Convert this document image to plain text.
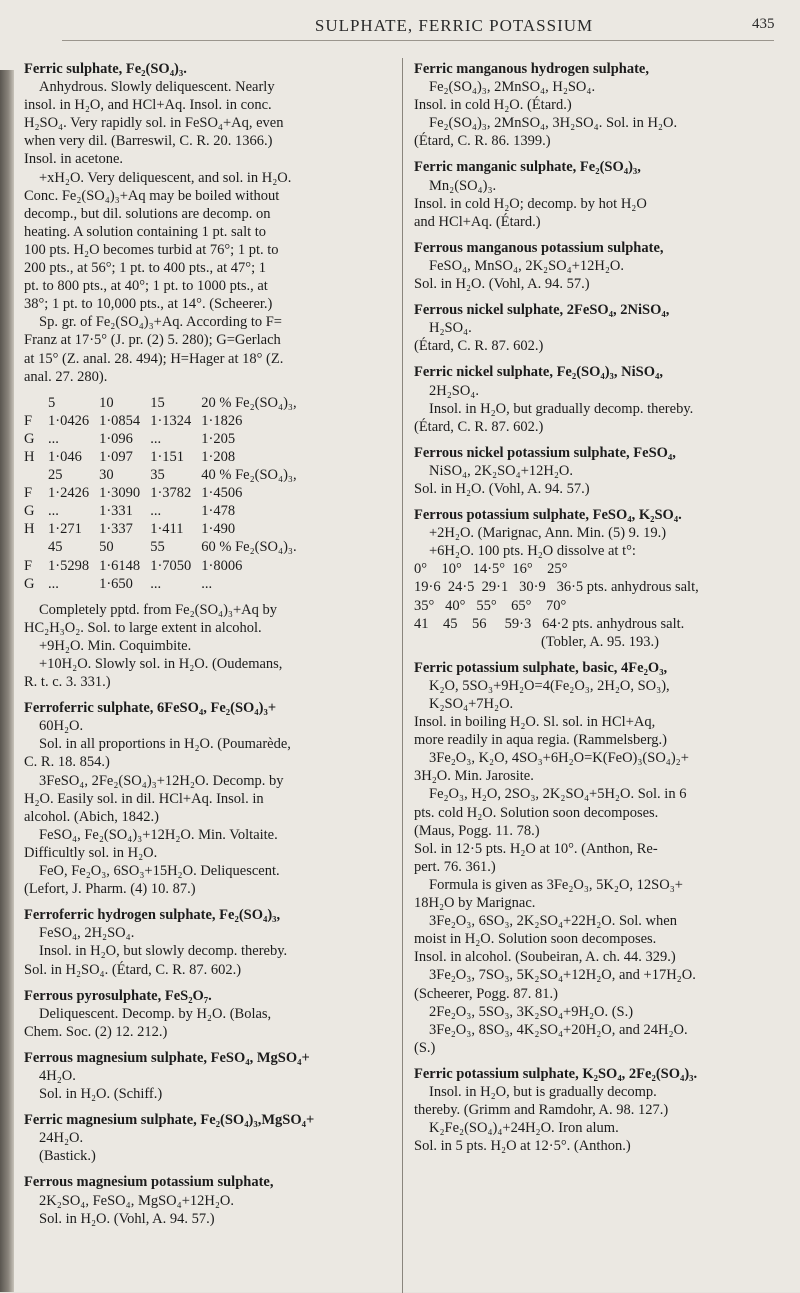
SULPHATE, FERRIC POTASSIUM	435
Ferric sulphate, Fe₂(SO₄)₃.
Anhydrous. Slowly deliquescent. Nearly
insol. in H₂O, and HCl+Aq. Insol. in conc.
H₂SO₄. Very rapidly sol. in FeSO₄+Aq, even
when very dil. (Barreswil, C. R. 20. 1366.)
Insol. in acetone.
+xH₂O. Very deliquescent, and sol. in H₂O.
Conc. Fe₂(SO₄)₃+Aq may be boiled without
decomp., but dil. solutions are decomp. on
heating. A solution containing 1 pt. salt to
100 pts. H₂O becomes turbid at 76°; 1 pt. to
200 pts., at 56°; 1 pt. to 400 pts., at 47°; 1
pt. to 800 pts., at 40°; 1 pt. to 1000 pts., at
38°; 1 pt. to 10,000 pts., at 14°. (Scheerer.)
Sp. gr. of Fe₂(SO₄)₃+Aq. According to F=
Franz at 17·5° (J. pr. (2) 5. 280); G=Gerlach
at 15° (Z. anal. 28. 494); H=Hager at 18° (Z.
anal. 27. 280).
	5	10	15	20 % Fe₂(SO₄)₃,
F	1·0426	1·0854	1·1324	1·1826
G	...	1·096	...	1·205
H	1·046	1·097	1·151	1·208
	25	30	35	40 % Fe₂(SO₄)₃,
F	1·2426	1·3090	1·3782	1·4506
G	...	1·331	...	1·478
H	1·271	1·337	1·411	1·490
	45	50	55	60 % Fe₂(SO₄)₃.
F	1·5298	1·6148	1·7050	1·8006
G	...	1·650	...	...
Completely pptd. from Fe₂(SO₄)₃+Aq by
HC₂H₃O₂. Sol. to large extent in alcohol.
+9H₂O. Min. Coquimbite.
+10H₂O. Slowly sol. in H₂O. (Oudemans,
R. t. c. 3. 331.)
Ferroferric sulphate, 6FeSO₄, Fe₂(SO₄)₃+
60H₂O.
Sol. in all proportions in H₂O. (Poumarède,
C. R. 18. 854.)
3FeSO₄, 2Fe₂(SO₄)₃+12H₂O. Decomp. by
H₂O. Easily sol. in dil. HCl+Aq. Insol. in
alcohol. (Abich, 1842.)
FeSO₄, Fe₂(SO₄)₃+12H₂O. Min. Voltaite.
Difficultly sol. in H₂O.
FeO, Fe₂O₃, 6SO₃+15H₂O. Deliquescent.
(Lefort, J. Pharm. (4) 10. 87.)
Ferroferric hydrogen sulphate, Fe₂(SO₄)₃,
FeSO₄, 2H₂SO₄.
Insol. in H₂O, but slowly decomp. thereby.
Sol. in H₂SO₄. (Étard, C. R. 87. 602.)
Ferrous pyrosulphate, FeS₂O₇.
Deliquescent. Decomp. by H₂O. (Bolas,
Chem. Soc. (2) 12. 212.)
Ferrous magnesium sulphate, FeSO₄, MgSO₄+
4H₂O.
Sol. in H₂O. (Schiff.)
Ferric magnesium sulphate, Fe₂(SO₄)₃,MgSO₄+
24H₂O.
(Bastick.)
Ferrous magnesium potassium sulphate,
2K₂SO₄, FeSO₄, MgSO₄+12H₂O.
Sol. in H₂O. (Vohl, A. 94. 57.)
Ferric manganous hydrogen sulphate,
Fe₂(SO₄)₃, 2MnSO₄, H₂SO₄.
Insol. in cold H₂O. (Étard.)
Fe₂(SO₄)₃, 2MnSO₄, 3H₂SO₄. Sol. in H₂O.
(Étard, C. R. 86. 1399.)
Ferric manganic sulphate, Fe₂(SO₄)₃,
Mn₂(SO₄)₃.
Insol. in cold H₂O; decomp. by hot H₂O
and HCl+Aq. (Étard.)
Ferrous manganous potassium sulphate,
FeSO₄, MnSO₄, 2K₂SO₄+12H₂O.
Sol. in H₂O. (Vohl, A. 94. 57.)
Ferrous nickel sulphate, 2FeSO₄, 2NiSO₄,
H₂SO₄.
(Étard, C. R. 87. 602.)
Ferric nickel sulphate, Fe₂(SO₄)₃, NiSO₄,
2H₂SO₄.
Insol. in H₂O, but gradually decomp. thereby.
(Étard, C. R. 87. 602.)
Ferrous nickel potassium sulphate, FeSO₄,
NiSO₄, 2K₂SO₄+12H₂O.
Sol. in H₂O. (Vohl, A. 94. 57.)
Ferrous potassium sulphate, FeSO₄, K₂SO₄.
+2H₂O. (Marignac, Ann. Min. (5) 9. 19.)
+6H₂O. 100 pts. H₂O dissolve at t°:
0°    10°   14·5°  16°    25°
19·6  24·5  29·1   30·9   36·5 pts. anhydrous salt,
35°   40°   55°    65°    70°
41    45    56     59·3   64·2 pts. anhydrous salt.
(Tobler, A. 95. 193.)
Ferric potassium sulphate, basic, 4Fe₂O₃,
K₂O, 5SO₃+9H₂O=4(Fe₂O₃, 2H₂O, SO₃),
K₂SO₄+7H₂O.
Insol. in boiling H₂O. Sl. sol. in HCl+Aq,
more readily in aqua regia. (Rammelsberg.)
3Fe₂O₃, K₂O, 4SO₃+6H₂O=K(FeO)₃(SO₄)₂+
3H₂O. Min. Jarosite.
Fe₂O₃, H₂O, 2SO₃, 2K₂SO₄+5H₂O. Sol. in 6
pts. cold H₂O. Solution soon decomposes.
(Maus, Pogg. 11. 78.)
Sol. in 12·5 pts. H₂O at 10°. (Anthon, Re-
pert. 76. 361.)
Formula is given as 3Fe₂O₃, 5K₂O, 12SO₃+
18H₂O by Marignac.
3Fe₂O₃, 6SO₃, 2K₂SO₄+22H₂O. Sol. when
moist in H₂O. Solution soon decomposes.
Insol. in alcohol. (Soubeiran, A. ch. 44. 329.)
3Fe₂O₃, 7SO₃, 5K₂SO₄+12H₂O, and +17H₂O.
(Scheerer, Pogg. 87. 81.)
2Fe₂O₃, 5SO₃, 3K₂SO₄+9H₂O. (S.)
3Fe₂O₃, 8SO₃, 4K₂SO₄+20H₂O, and 24H₂O.
(S.)
Ferric potassium sulphate, K₂SO₄, 2Fe₂(SO₄)₃.
Insol. in H₂O, but is gradually decomp.
thereby. (Grimm and Ramdohr, A. 98. 127.)
K₂Fe₂(SO₄)₄+24H₂O. Iron alum.
Sol. in 5 pts. H₂O at 12·5°. (Anthon.)
